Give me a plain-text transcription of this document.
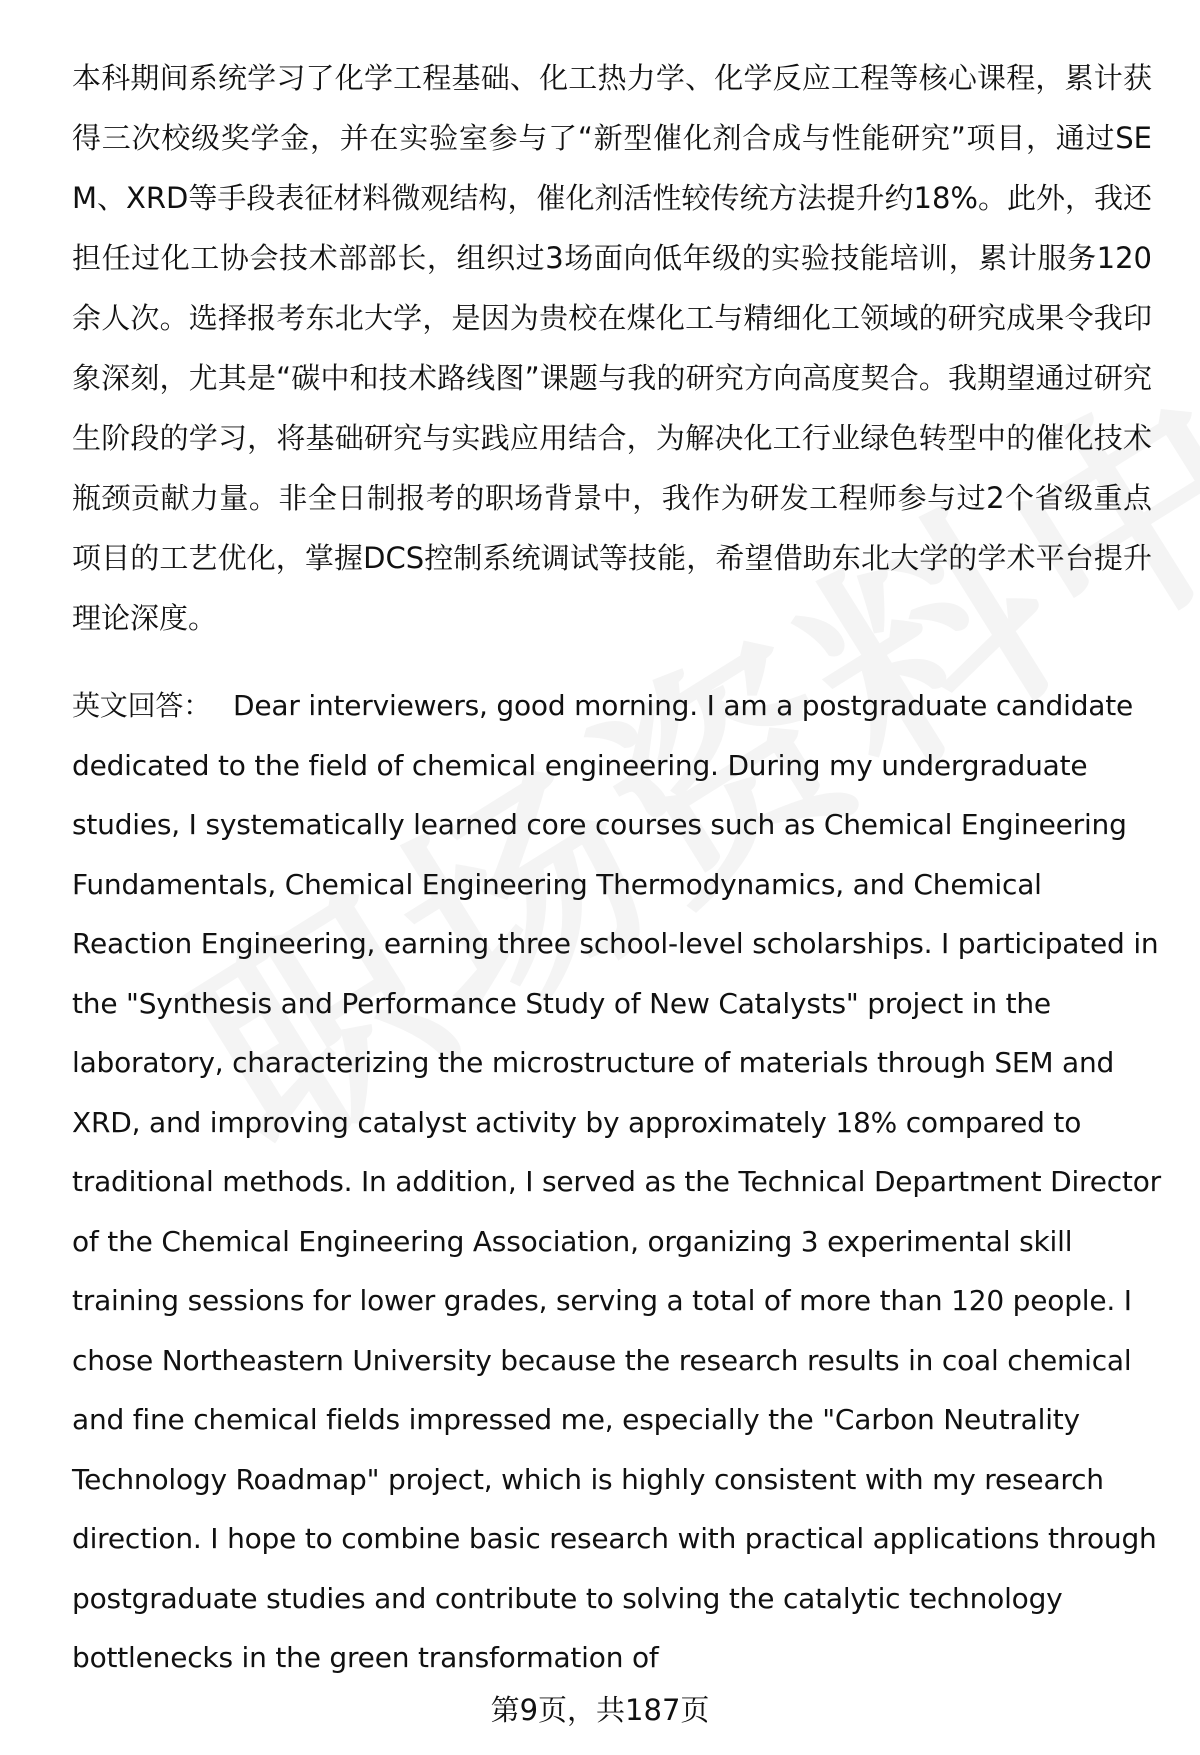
本科期间系统学习了化学工程基础、化工热力学、化学反应工程等核心课程，累计获得三次校级奖学金，并在实验室参与了“新型催化剂合成与性能研究”项目，通过SEM、XRD等手段表征材料微观结构，催化剂活性较传统方法提升约18%。此外，我还担任过化工协会技术部部长，组织过3场面向低年级的实验技能培训，累计服务120余人次。选择报考东北大学，是因为贵校在煤化工与精细化工领域的研究成果令我印象深刻，尤其是“碳中和技术路线图”课题与我的研究方向高度契合。我期望通过研究生阶段的学习，将基础研究与实践应用结合，为解决化工行业绿色转型中的催化技术瓶颈贡献力量。非全日制报考的职场背景中，我作为研发工程师参与过2个省级重点项目的工艺优化，掌握DCS控制系统调试等技能，希望借助东北大学的学术平台提升理论深度。

英文回答： Dear interviewers, good morning. I am a postgraduate candidate dedicated to the field of chemical engineering. During my undergraduate studies, I systematically learned core courses such as Chemical Engineering Fundamentals, Chemical Engineering Thermodynamics, and Chemical Reaction Engineering, earning three school-level scholarships. I participated in the "Synthesis and Performance Study of New Catalysts" project in the laboratory, characterizing the microstructure of materials through SEM and XRD, and improving catalyst activity by approximately 18% compared to traditional methods. In addition, I served as the Technical Department Director of the Chemical Engineering Association, organizing 3 experimental skill training sessions for lower grades, serving a total of more than 120 people. I chose Northeastern University because the research results in coal chemical and fine chemical fields impressed me, especially the "Carbon Neutrality Technology Roadmap" project, which is highly consistent with my research direction. I hope to combine basic research with practical applications through postgraduate studies and contribute to solving the catalytic technology bottlenecks in the green transformation of

第9页，共187页
